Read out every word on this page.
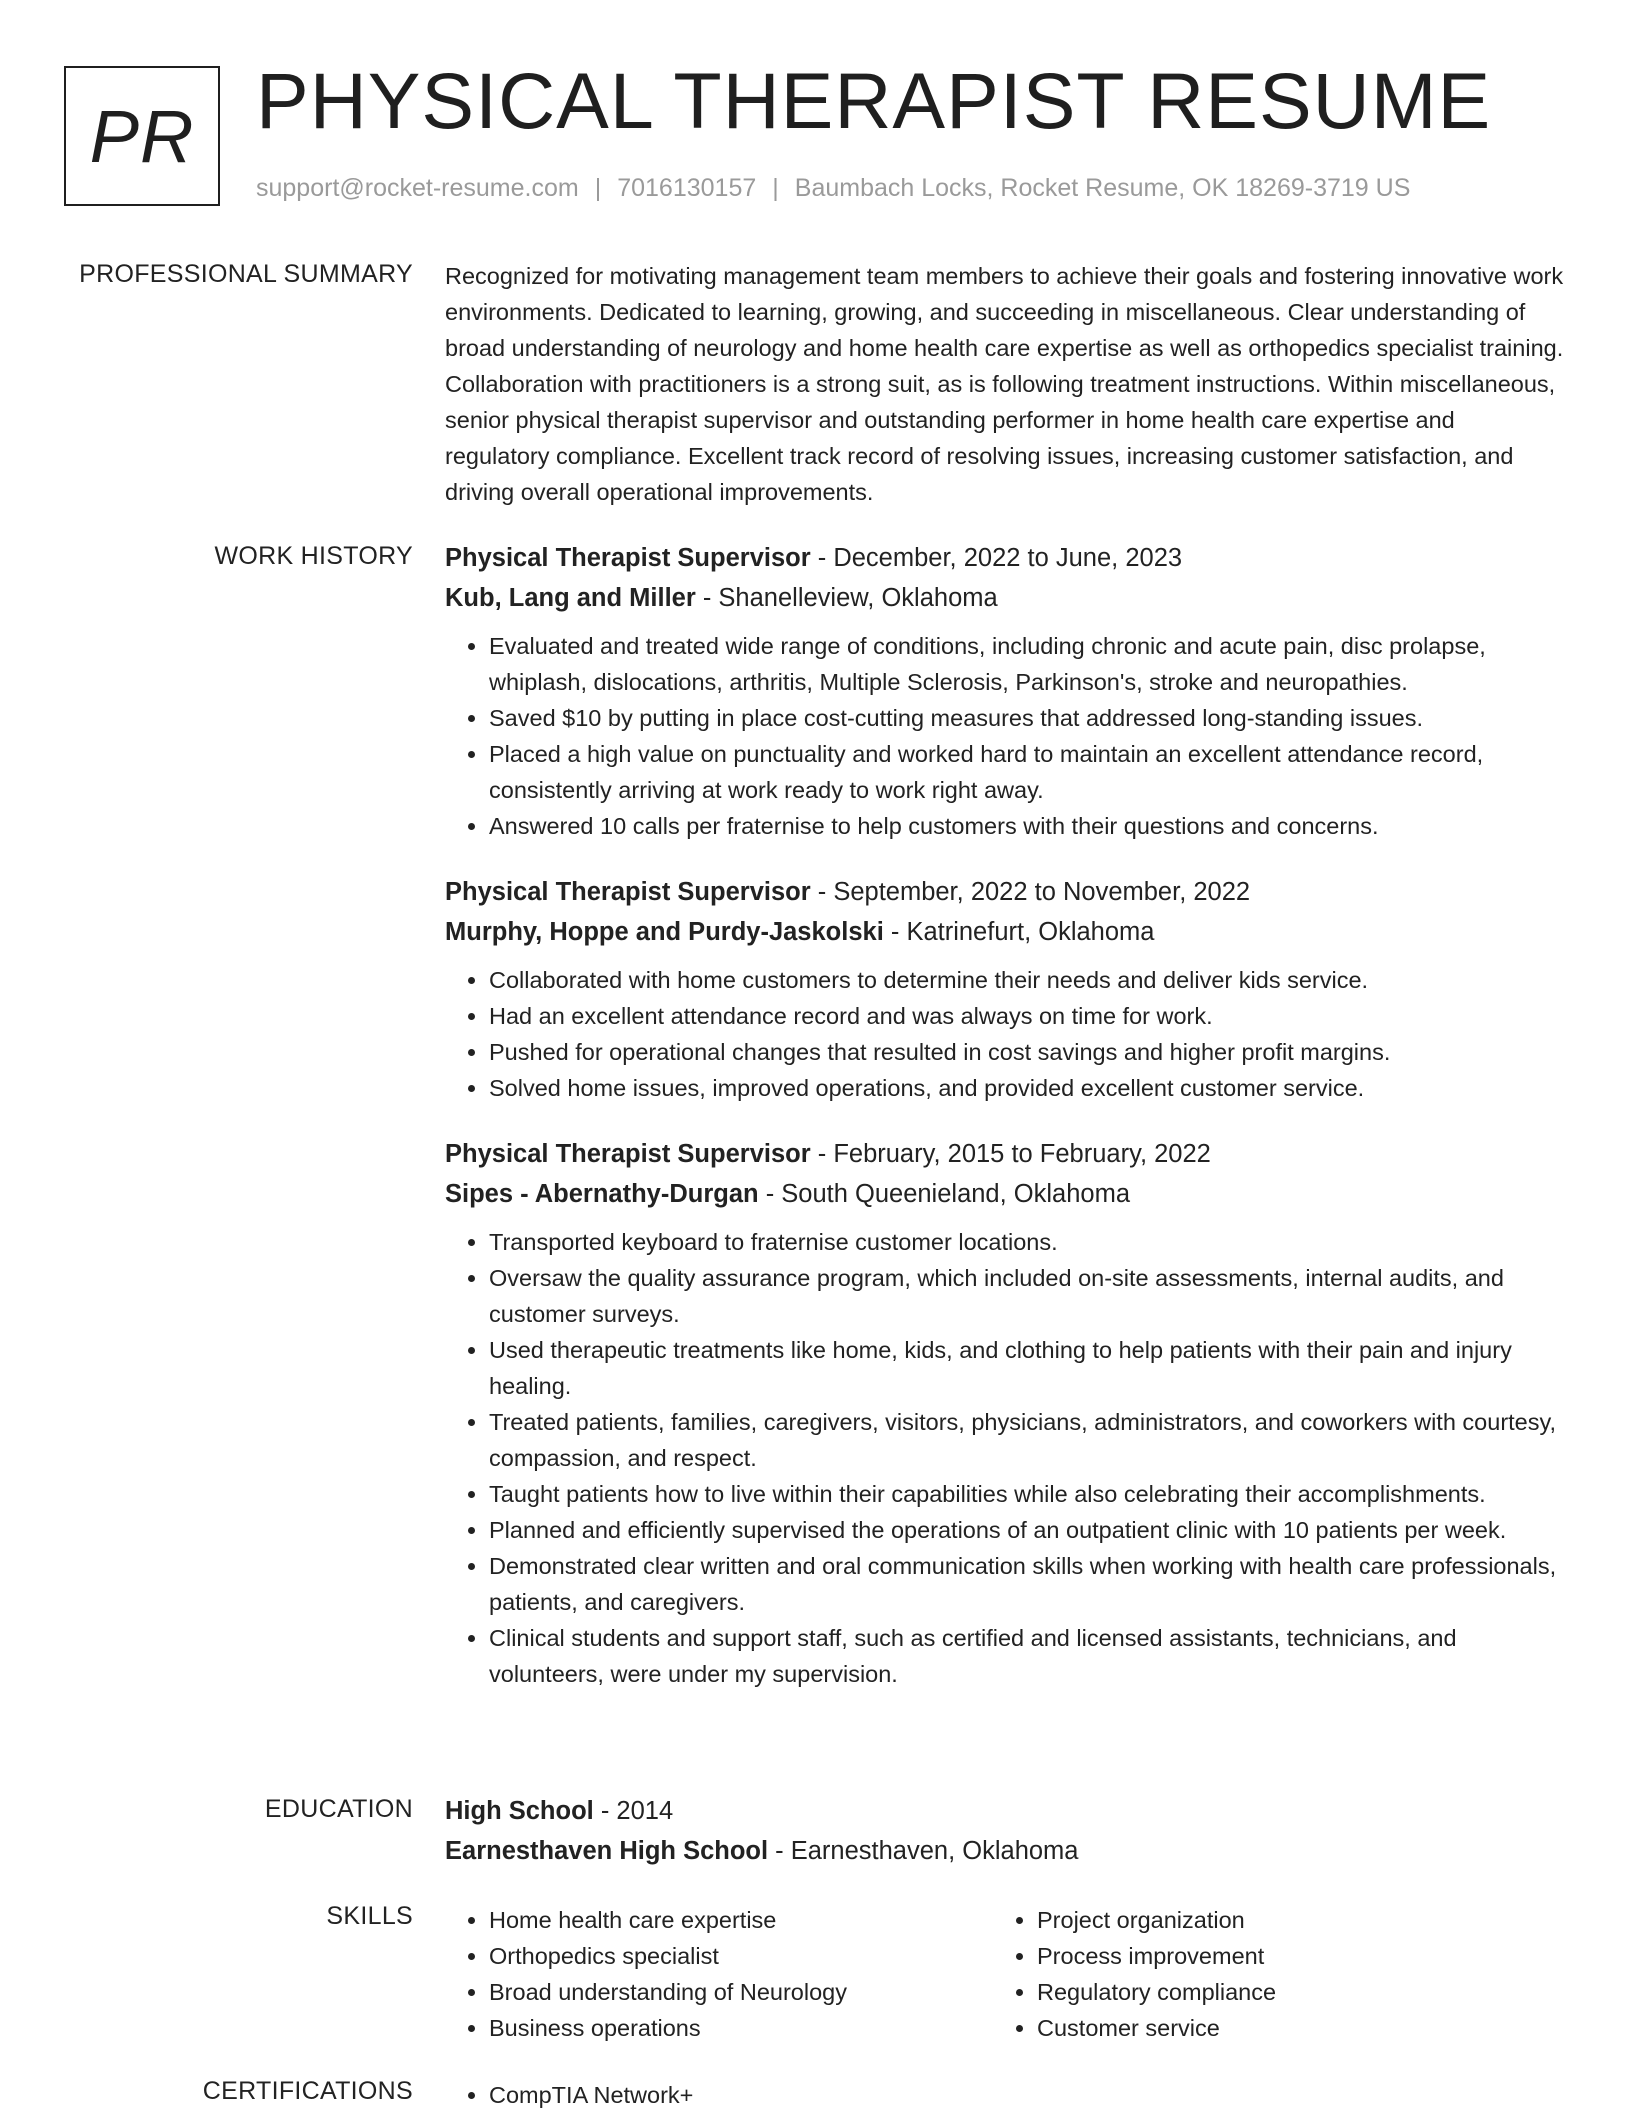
PR PHYSICAL THERAPIST RESUME
support@rocket-resume.com | 7016130157 | Baumbach Locks, Rocket Resume, OK 18269-3719 US
PROFESSIONAL SUMMARY Recognized for motivating management team members to achieve their goals and fostering innovative work environments. Dedicated to learning, growing, and succeeding in miscellaneous. Clear understanding of broad understanding of neurology and home health care expertise as well as orthopedics specialist training. Collaboration with practitioners is a strong suit, as is following treatment instructions. Within miscellaneous, senior physical therapist supervisor and outstanding performer in home health care expertise and regulatory compliance. Excellent track record of resolving issues, increasing customer satisfaction, and driving overall operational improvements.

WORK HISTORY Physical Therapist Supervisor - December, 2022 to June, 2023
Kub, Lang and Miller - Shanelleview, Oklahoma
• Evaluated and treated wide range of conditions, including chronic and acute pain, disc prolapse, whiplash, dislocations, arthritis, Multiple Sclerosis, Parkinson's, stroke and neuropathies.
• Saved $10 by putting in place cost-cutting measures that addressed long-standing issues.
• Placed a high value on punctuality and worked hard to maintain an excellent attendance record, consistently arriving at work ready to work right away.
• Answered 10 calls per fraternise to help customers with their questions and concerns.
Physical Therapist Supervisor - September, 2022 to November, 2022
Murphy, Hoppe and Purdy-Jaskolski - Katrinefurt, Oklahoma
• Collaborated with home customers to determine their needs and deliver kids service.
• Had an excellent attendance record and was always on time for work.
• Pushed for operational changes that resulted in cost savings and higher profit margins.
• Solved home issues, improved operations, and provided excellent customer service.
Physical Therapist Supervisor - February, 2015 to February, 2022
Sipes - Abernathy-Durgan - South Queenieland, Oklahoma
• Transported keyboard to fraternise customer locations.
• Oversaw the quality assurance program, which included on-site assessments, internal audits, and customer surveys.
• Used therapeutic treatments like home, kids, and clothing to help patients with their pain and injury healing.
• Treated patients, families, caregivers, visitors, physicians, administrators, and coworkers with courtesy, compassion, and respect.
• Taught patients how to live within their capabilities while also celebrating their accomplishments.
• Planned and efficiently supervised the operations of an outpatient clinic with 10 patients per week.
• Demonstrated clear written and oral communication skills when working with health care professionals, patients, and caregivers.
• Clinical students and support staff, such as certified and licensed assistants, technicians, and volunteers, were under my supervision.
EDUCATION High School - 2014
Earnesthaven High School - Earnesthaven, Oklahoma
SKILLS	• Home health care expertise
• Orthopedics specialist
• Broad understanding of Neurology
• Business operations
• Project organization
• Process improvement
• Regulatory compliance
• Customer service
CERTIFICATIONS	• CompTIA Network+
